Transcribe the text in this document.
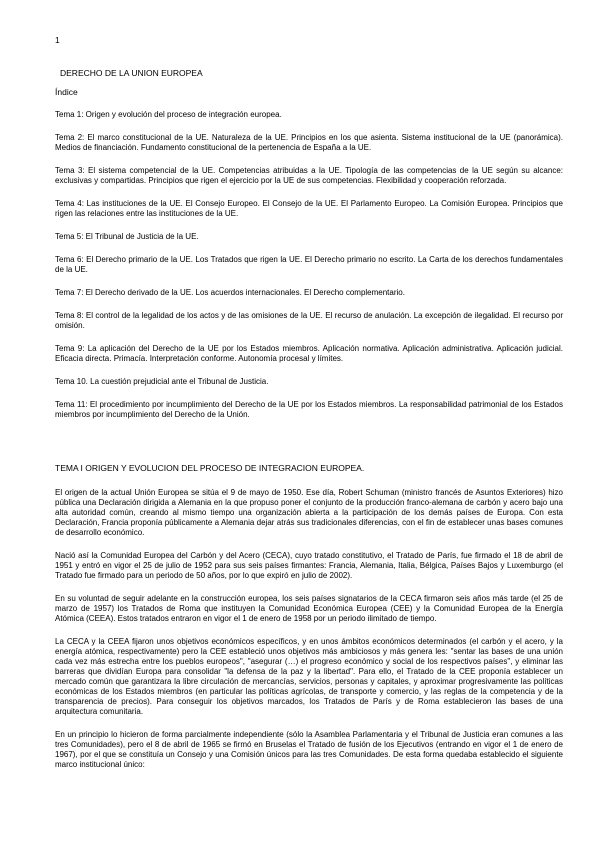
1
DERECHO DE LA UNION EUROPEA
Índice
Tema 1: Origen y evolución del proceso de integración europea.
Tema 2: El marco constitucional de la UE. Naturaleza de la UE. Principios en los que asienta. Sistema institucional de la UE (panorámica). Medios de financiación. Fundamento constitucional de la pertenencia de España a la UE.
Tema 3: El sistema competencial de la UE. Competencias atribuidas a la UE. Tipología de las competencias de la UE según su alcance: exclusivas y compartidas. Principios que rigen el ejercicio por la UE de sus competencias. Flexibilidad y cooperación reforzada.
Tema 4: Las instituciones de la UE. El Consejo Europeo. El Consejo de la UE. El Parlamento Europeo. La Comisión Europea. Principios que rigen las relaciones entre las instituciones de la UE.
Tema 5: El Tribunal de Justicia de la UE.
Tema 6: El Derecho primario de la UE. Los Tratados que rigen la UE. El Derecho primario no escrito. La Carta de los derechos fundamentales de la UE.
Tema 7: El Derecho derivado de la UE. Los acuerdos internacionales. El Derecho complementario.
Tema 8: El control de la legalidad de los actos y de las omisiones de la UE. El recurso de anulación. La excepción de ilegalidad. El recurso por omisión.
Tema 9: La aplicación del Derecho de la UE por los Estados miembros. Aplicación normativa. Aplicación administrativa. Aplicación judicial. Eficacia directa. Primacía. Interpretación conforme. Autonomía procesal y límites.
Tema 10. La cuestión prejudicial ante el Tribunal de Justicia.
Tema 11: El procedimiento por incumplimiento del Derecho de la UE por los Estados miembros. La responsabilidad patrimonial de los Estados miembros por incumplimiento del Derecho de la Unión.
TEMA I ORIGEN Y EVOLUCION DEL PROCESO DE INTEGRACION EUROPEA.

El origen de la actual Unión Europea se sitúa el 9 de mayo de 1950. Ese día, Robert Schuman (ministro francés de Asuntos Exteriores) hizo pública una Declaración dirigida a Alemania en la que propuso poner el conjunto de la producción franco-alemana de carbón y acero bajo una alta autoridad común, creando al mismo tiempo una organización abierta a la participación de los demás países de Europa. Con esta Declaración, Francia proponía públicamente a Alemania dejar atrás sus tradicionales diferencias, con el fin de establecer unas bases comunes de desarrollo económico.

Nació así la Comunidad Europea del Carbón y del Acero (CECA), cuyo tratado constitutivo, el Tratado de París, fue firmado el 18 de abril de 1951 y entró en vigor el 25 de julio de 1952 para sus seis países firmantes: Francia, Alemania, Italia, Bélgica, Países Bajos y Luxemburgo (el Tratado fue firmado para un periodo de 50 años, por lo que expiró en julio de 2002).

En su voluntad de seguir adelante en la construcción europea, los seis países signatarios de la CECA firmaron seis años más tarde (el 25 de marzo de 1957) los Tratados de Roma que instituyen la Comunidad Económica Europea (CEE) y la Comunidad Europea de la Energía Atómica (CEEA). Estos tratados entraron en vigor el 1 de enero de 1958 por un periodo ilimitado de tiempo.

La CECA y la CEEA fijaron unos objetivos económicos específicos, y en unos ámbitos económicos determinados (el carbón y el acero, y la energía atómica, respectivamente) pero la CEE estableció unos objetivos más ambiciosos y más genera les: "sentar las bases de una unión cada vez más estrecha entre los pueblos europeos", "asegurar (…) el progreso económico y social de los respectivos países", y eliminar las barreras que dividían Europa para consolidar "la defensa de la paz y la libertad". Para ello, el Tratado de la CEE proponía establecer un mercado común que garantizara la libre circulación de mercancías, servicios, personas y capitales, y aproximar progresivamente las políticas económicas de los Estados miembros (en particular las políticas agrícolas, de transporte y comercio, y las reglas de la competencia y de la transparencia de precios). Para conseguir los objetivos marcados, los Tratados de París y de Roma establecieron las bases de una arquitectura comunitaria.

En un principio lo hicieron de forma parcialmente independiente (sólo la Asamblea Parlamentaria y el Tribunal de Justicia eran comunes a las tres Comunidades), pero el 8 de abril de 1965 se firmó en Bruselas el Tratado de fusión de los Ejecutivos (entrando en vigor el 1 de enero de 1967), por el que se constituía un Consejo y una Comisión únicos para las tres Comunidades. De esta forma quedaba establecido el siguiente marco institucional único:
